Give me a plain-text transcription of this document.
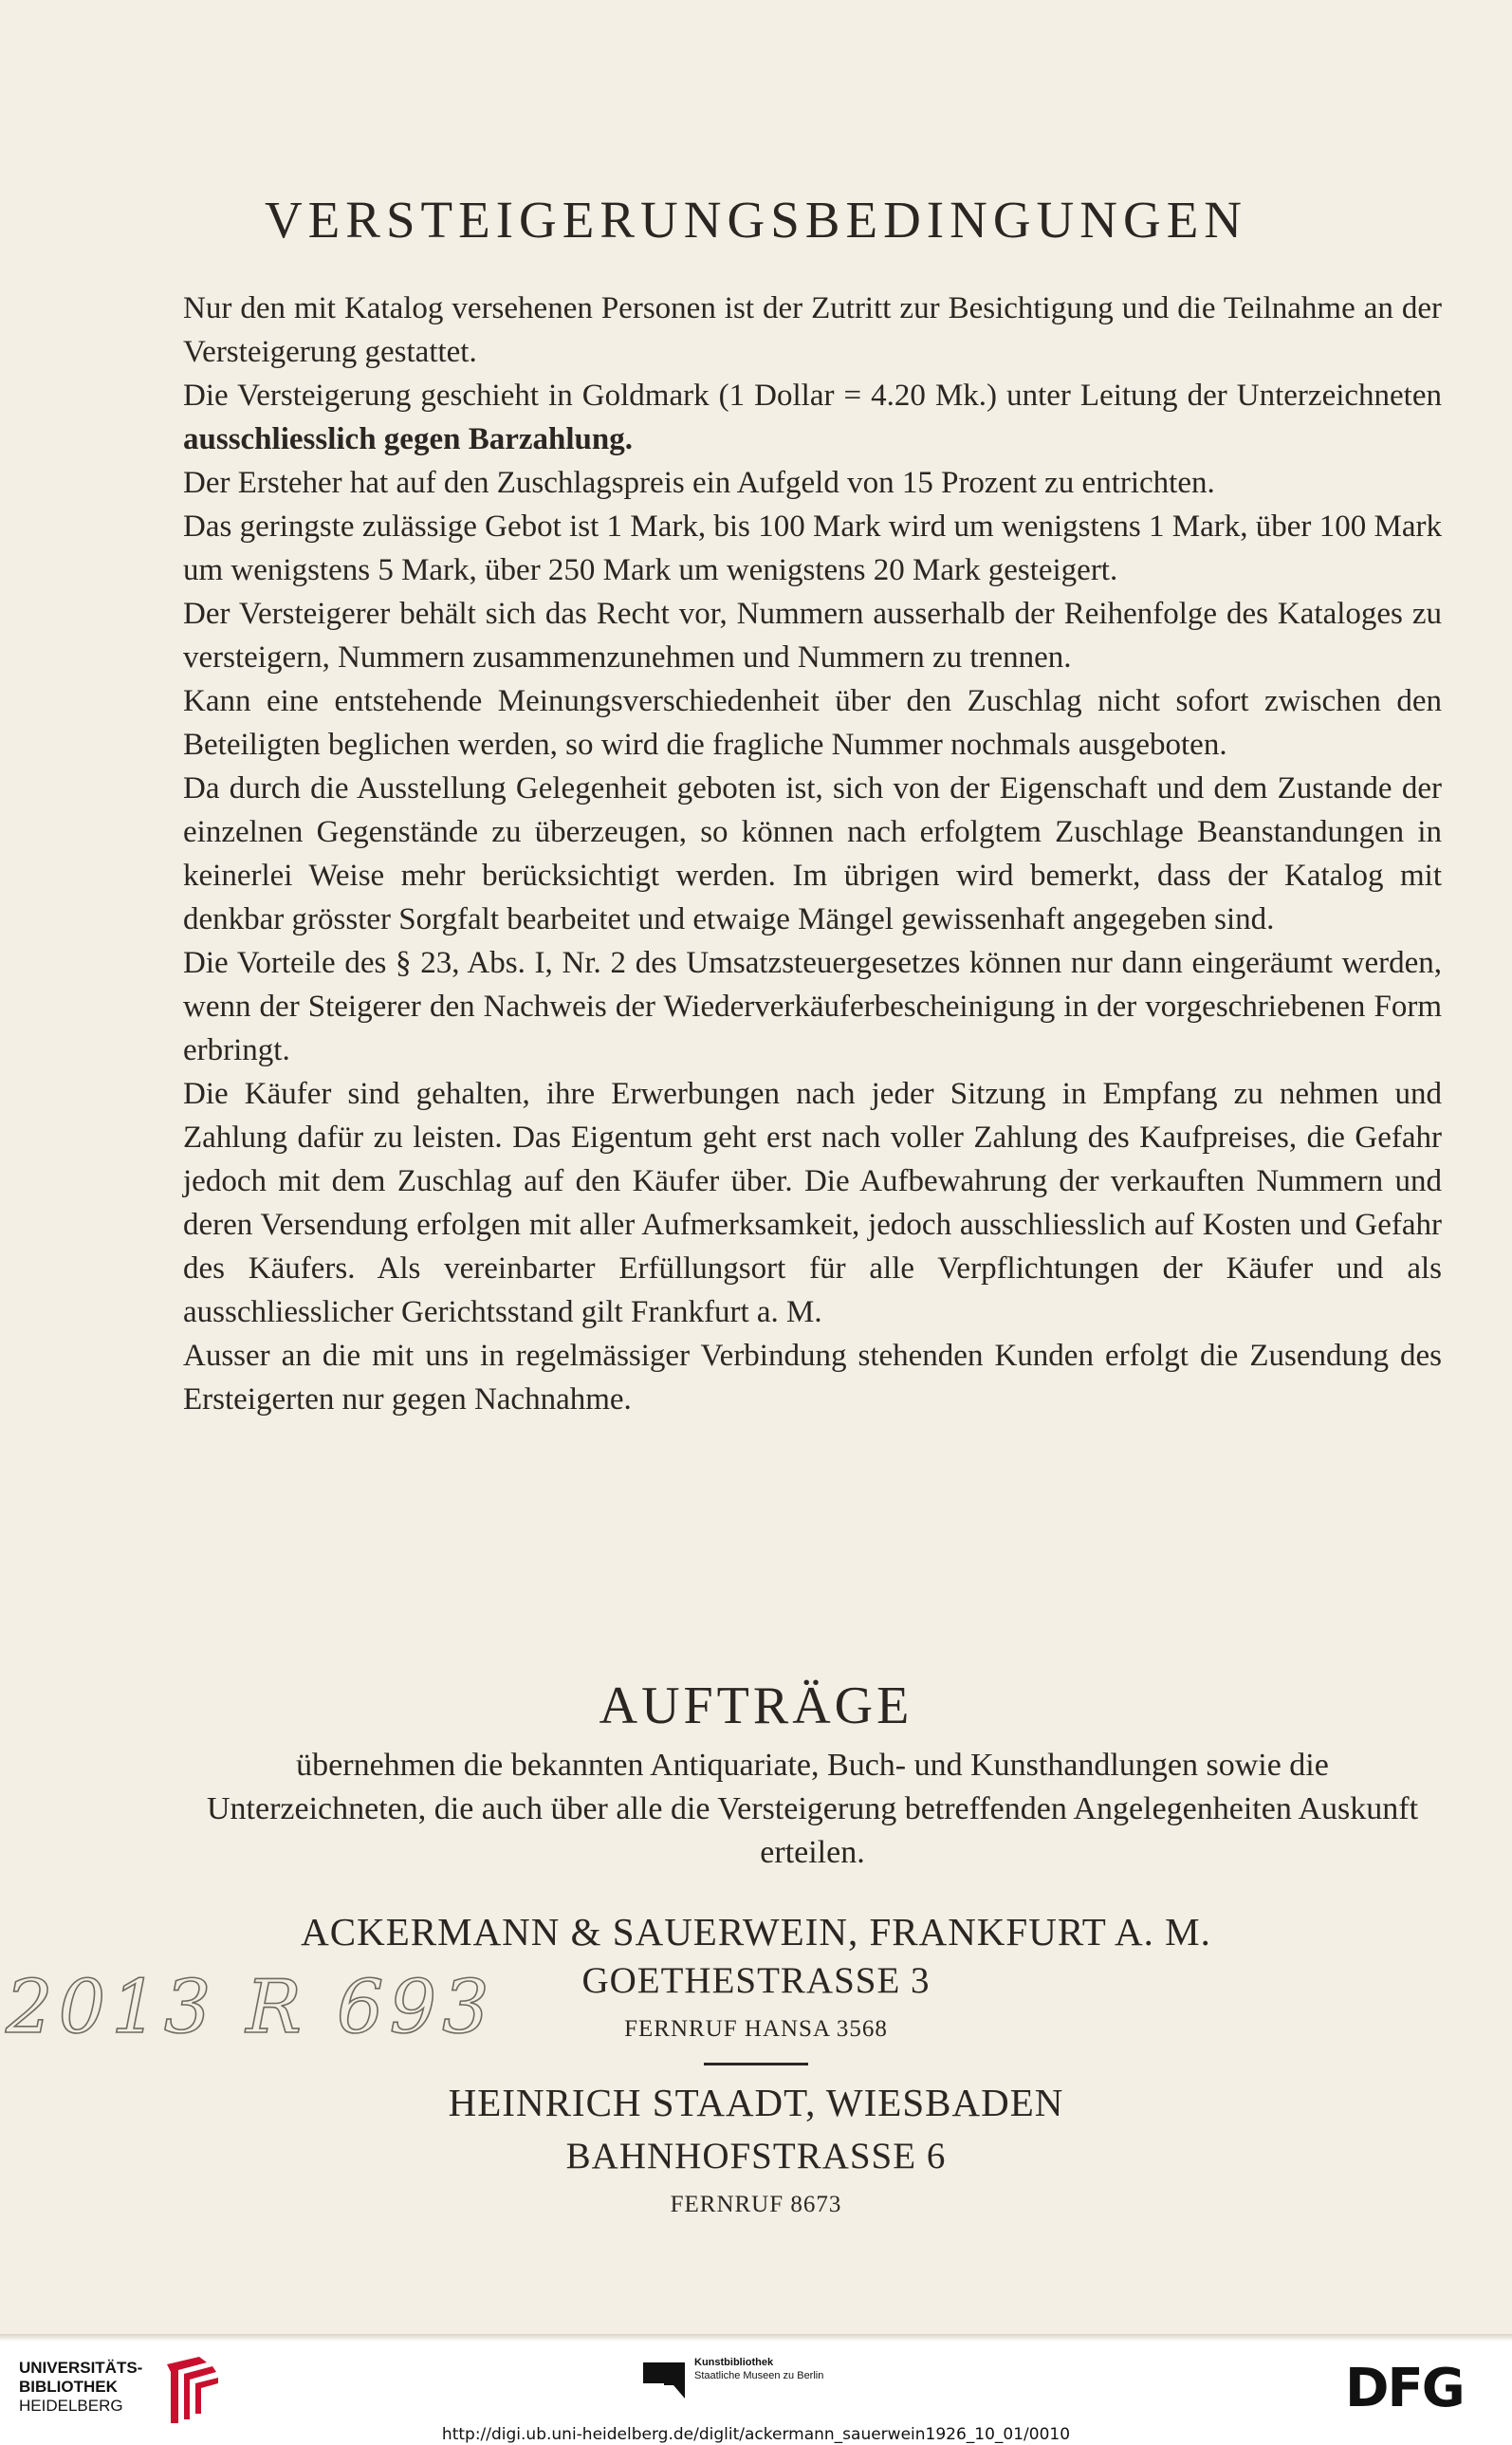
VERSTEIGERUNGSBEDINGUNGEN

Nur den mit Katalog versehenen Personen ist der Zutritt zur Besichtigung und die Teilnahme an der Versteigerung gestattet.

Die Versteigerung geschieht in Goldmark (1 Dollar = 4.20 Mk.) unter Leitung der Unterzeichneten ausschliesslich gegen Barzahlung.

Der Ersteher hat auf den Zuschlagspreis ein Aufgeld von 15 Prozent zu entrichten.

Das geringste zulässige Gebot ist 1 Mark, bis 100 Mark wird um wenigstens 1 Mark, über 100 Mark um wenigstens 5 Mark, über 250 Mark um wenigstens 20 Mark gesteigert.

Der Versteigerer behält sich das Recht vor, Nummern ausserhalb der Reihenfolge des Kataloges zu versteigern, Nummern zusammenzunehmen und Nummern zu trennen.

Kann eine entstehende Meinungsverschiedenheit über den Zuschlag nicht sofort zwischen den Beteiligten beglichen werden, so wird die fragliche Nummer nochmals ausgeboten.

Da durch die Ausstellung Gelegenheit geboten ist, sich von der Eigenschaft und dem Zustande der einzelnen Gegenstände zu überzeugen, so können nach erfolgtem Zuschlage Beanstandungen in keinerlei Weise mehr berücksichtigt werden. Im übrigen wird bemerkt, dass der Katalog mit denkbar grösster Sorgfalt bearbeitet und etwaige Mängel gewissenhaft angegeben sind.

Die Vorteile des § 23, Abs. I, Nr. 2 des Umsatzsteuergesetzes können nur dann eingeräumt werden, wenn der Steigerer den Nachweis der Wiederverkäuferbescheinigung in der vorgeschriebenen Form erbringt.

Die Käufer sind gehalten, ihre Erwerbungen nach jeder Sitzung in Empfang zu nehmen und Zahlung dafür zu leisten. Das Eigentum geht erst nach voller Zahlung des Kaufpreises, die Gefahr jedoch mit dem Zuschlag auf den Käufer über. Die Aufbewahrung der verkauften Nummern und deren Versendung erfolgen mit aller Aufmerksamkeit, jedoch ausschliesslich auf Kosten und Gefahr des Käufers. Als vereinbarter Erfüllungsort für alle Verpflichtungen der Käufer und als ausschliesslicher Gerichtsstand gilt Frankfurt a. M.

Ausser an die mit uns in regelmässiger Verbindung stehenden Kunden erfolgt die Zusendung des Ersteigerten nur gegen Nachnahme.

AUFTRÄGE
übernehmen die bekannten Antiquariate, Buch- und Kunsthandlungen sowie die Unterzeichneten, die auch über alle die Versteigerung betreffenden Angelegenheiten Auskunft erteilen.
ACKERMANN & SAUERWEIN, FRANKFURT A. M.
GOETHESTRASSE 3
FERNRUF HANSA 3568
HEINRICH STAADT, WIESBADEN
BAHNHOFSTRASSE 6
FERNRUF 8673
2013 R 693
UNIVERSITÄTS-
BIBLIOTHEK
HEIDELBERG
Kunstbibliothek
Staatliche Museen zu Berlin	DFG
http://digi.ub.uni-heidelberg.de/diglit/ackermann_sauerwein1926_10_01/0010
